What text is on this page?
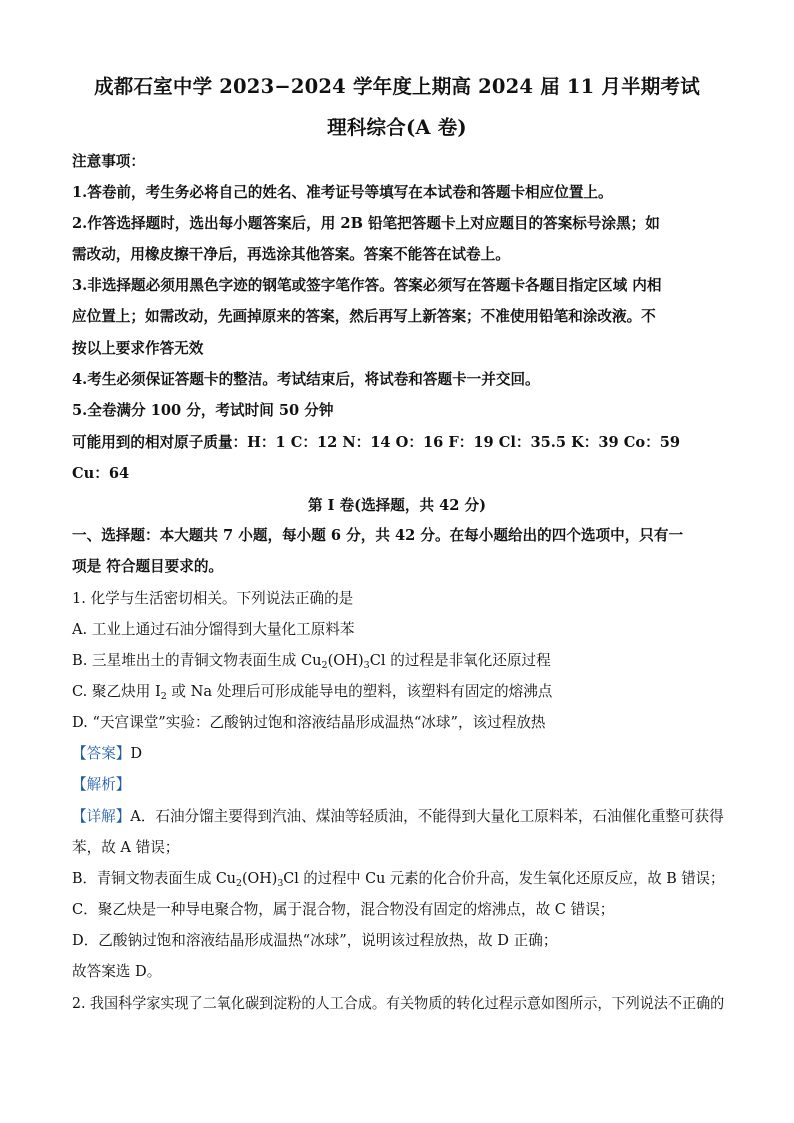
成都石室中学 2023−2024 学年度上期高 2024 届 11 月半期考试
理科综合(A 卷)
注意事项：
1.答卷前，考生务必将自己的姓名、准考证号等填写在本试卷和答题卡相应位置上。
2.作答选择题时，选出每小题答案后，用 2B 铅笔把答题卡上对应题目的答案标号涂黑；如
需改动，用橡皮擦干净后，再选涂其他答案。答案不能答在试卷上。
3.非选择题必须用黑色字迹的钢笔或签字笔作答。答案必须写在答题卡各题目指定区域 内相
应位置上；如需改动，先画掉原来的答案，然后再写上新答案；不准使用铅笔和涂改液。不
按以上要求作答无效
4.考生必须保证答题卡的整洁。考试结束后，将试卷和答题卡一并交回。
5.全卷满分 100 分，考试时间 50 分钟
可能用到的相对原子质量：H：1 C：12 N：14 O：16 F：19 Cl：35.5 K：39 Co：59
Cu：64
第 I 卷(选择题，共 42 分)
一、选择题：本大题共 7 小题，每小题 6 分，共 42 分。在每小题给出的四个选项中，只有一
项是 符合题目要求的。
1. 化学与生活密切相关。下列说法正确的是
A. 工业上通过石油分馏得到大量化工原料苯
B. 三星堆出土的青铜文物表面生成 $Cu_2(OH)_3Cl$ 的过程是非氧化还原过程
C. 聚乙炔用 $I_2$ 或 Na 处理后可形成能导电的塑料，该塑料有固定的熔沸点
D. “天宫课堂”实验：乙酸钠过饱和溶液结晶形成温热“冰球”，该过程放热
【答案】D
【解析】
【详解】A．石油分馏主要得到汽油、煤油等轻质油，不能得到大量化工原料苯，石油催化重整可获得
苯，故 A 错误；
B．青铜文物表面生成 $Cu_2(OH)_3Cl$ 的过程中 Cu 元素的化合价升高，发生氧化还原反应，故 B 错误；
C．聚乙炔是一种导电聚合物，属于混合物，混合物没有固定的熔沸点，故 C 错误；
D．乙酸钠过饱和溶液结晶形成温热“冰球”，说明该过程放热，故 D 正确；
故答案选 D。
2. 我国科学家实现了二氧化碳到淀粉的人工合成。有关物质的转化过程示意如图所示，下列说法不正确的
